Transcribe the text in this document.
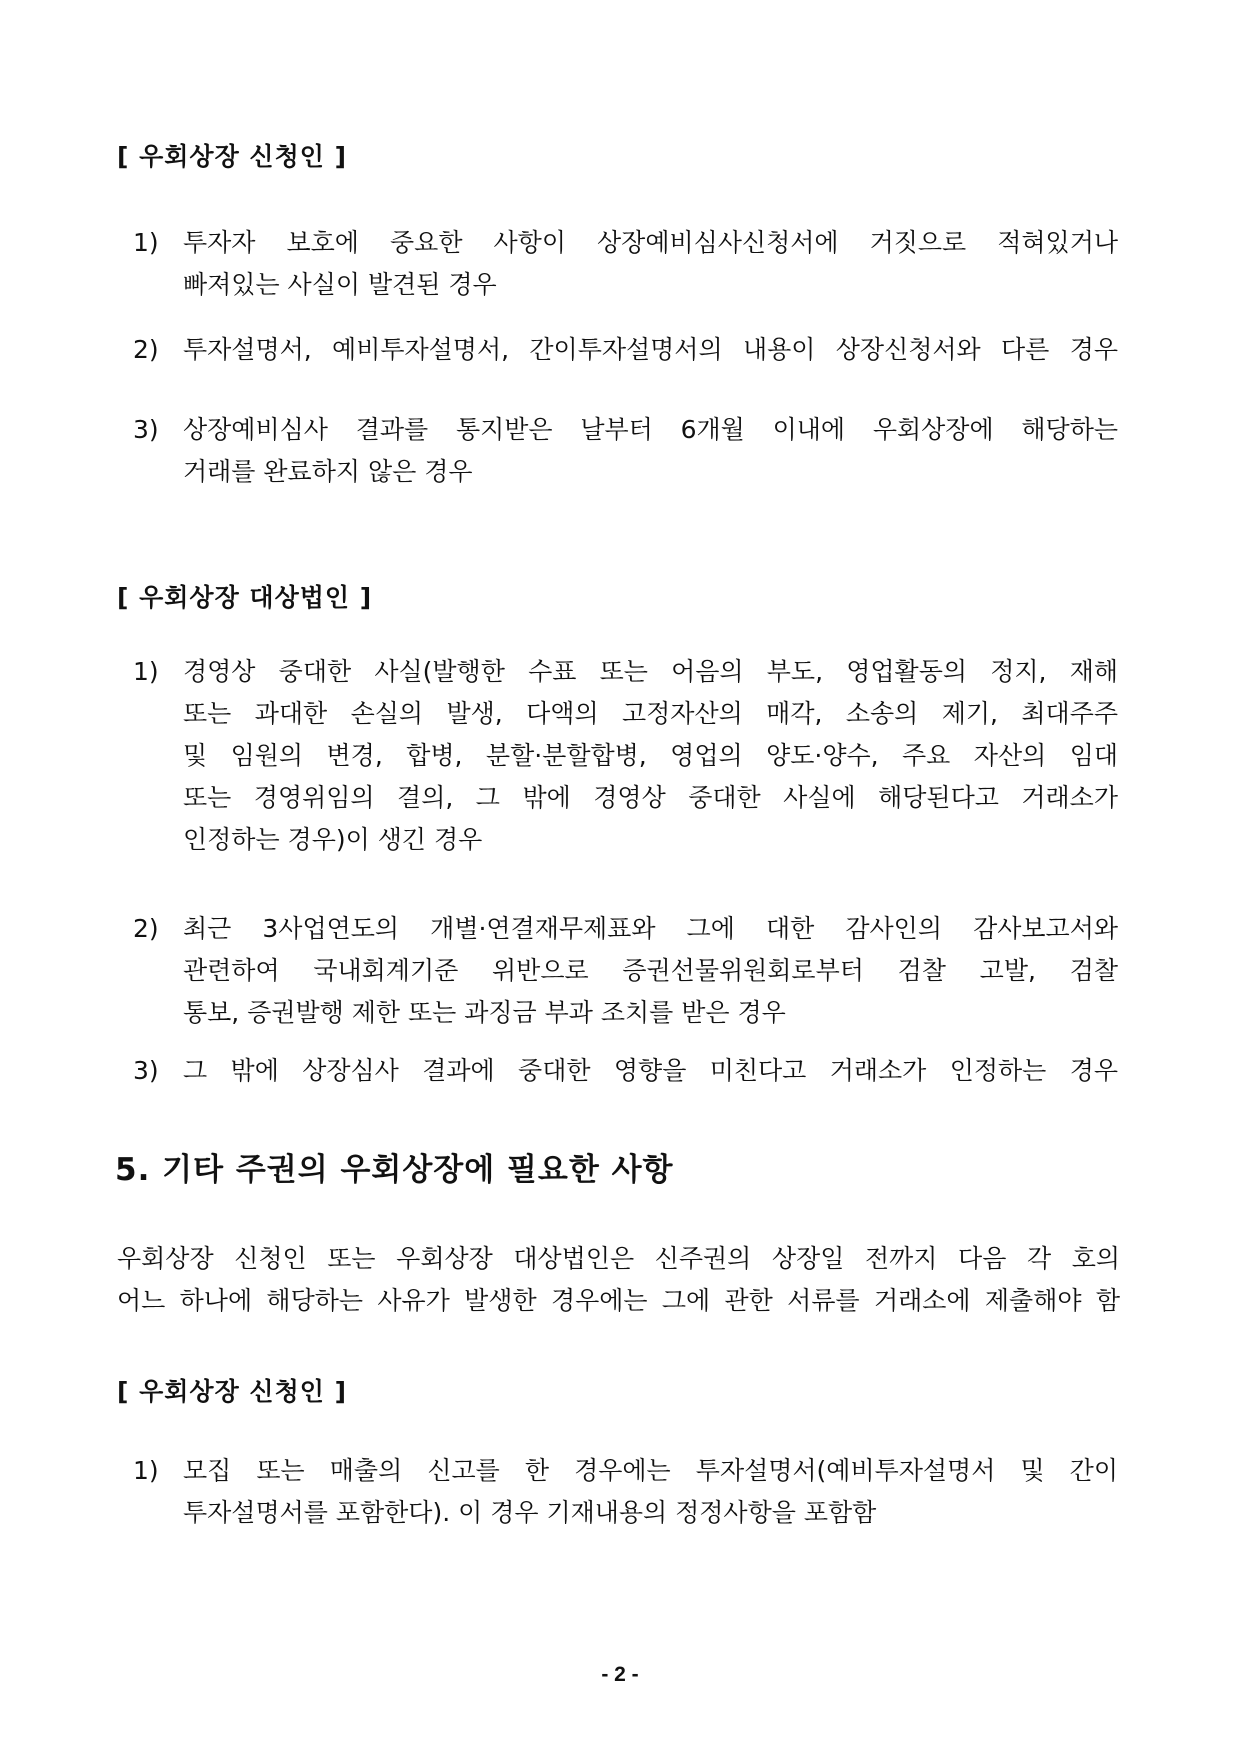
[ 우회상장 신청인 ]
1) 투자자 보호에 중요한 사항이 상장예비심사신청서에 거짓으로 적혀있거나
빠져있는 사실이 발견된 경우
2) 투자설명서, 예비투자설명서, 간이투자설명서의 내용이 상장신청서와 다른 경우
3) 상장예비심사 결과를 통지받은 날부터 6개월 이내에 우회상장에 해당하는
거래를 완료하지 않은 경우
[ 우회상장 대상법인 ]
1) 경영상 중대한 사실(발행한 수표 또는 어음의 부도, 영업활동의 정지, 재해
또는 과대한 손실의 발생, 다액의 고정자산의 매각, 소송의 제기, 최대주주
및 임원의 변경, 합병, 분할·분할합병, 영업의 양도·양수, 주요 자산의 임대
또는 경영위임의 결의, 그 밖에 경영상 중대한 사실에 해당된다고 거래소가
인정하는 경우)이 생긴 경우
2) 최근 3사업연도의 개별·연결재무제표와 그에 대한 감사인의 감사보고서와
관련하여 국내회계기준 위반으로 증권선물위원회로부터 검찰 고발, 검찰
통보, 증권발행 제한 또는 과징금 부과 조치를 받은 경우
3) 그 밖에 상장심사 결과에 중대한 영향을 미친다고 거래소가 인정하는 경우
5. 기타 주권의 우회상장에 필요한 사항
우회상장 신청인 또는 우회상장 대상법인은 신주권의 상장일 전까지 다음 각 호의
어느 하나에 해당하는 사유가 발생한 경우에는 그에 관한 서류를 거래소에 제출해야 함
[ 우회상장 신청인 ]
1) 모집 또는 매출의 신고를 한 경우에는 투자설명서(예비투자설명서 및 간이
투자설명서를 포함한다). 이 경우 기재내용의 정정사항을 포함함
- 2 -
